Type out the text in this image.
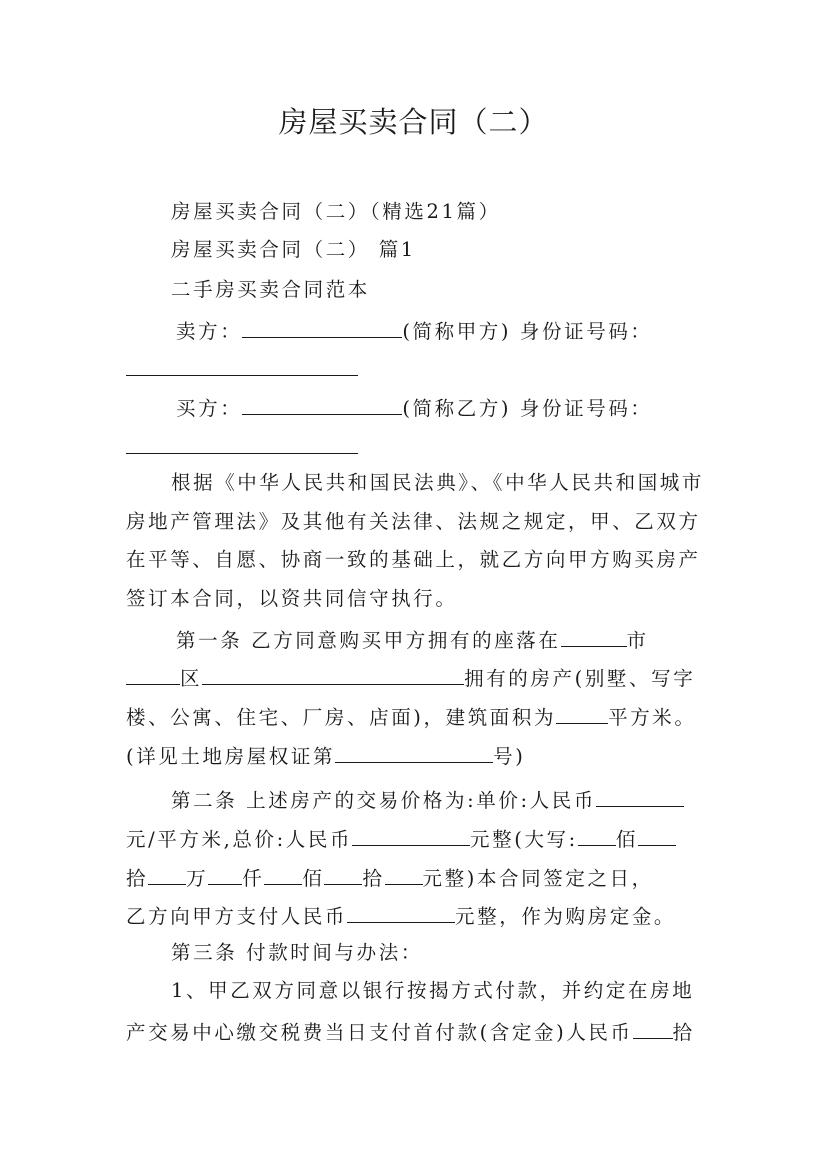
房屋买卖合同（二）
房屋买卖合同（二）（精选21篇）
房屋买卖合同（二） 篇1
二手房买卖合同范本
卖方：	(简称甲方) 身份证号码：
买方：	(简称乙方) 身份证号码：
根据《中华人民共和国民法典》、《中华人民共和国城市
房地产管理法》及其他有关法律、法规之规定，甲、乙双方
在平等、自愿、协商一致的基础上，就乙方向甲方购买房产
签订本合同，以资共同信守执行。
第一条 乙方同意购买甲方拥有的座落在	市
区	拥有的房产(别墅、写字
楼、公寓、住宅、厂房、店面)，建筑面积为	平方米。
(详见土地房屋权证第	号)
第二条 上述房产的交易价格为:单价:人民币
元/平方米,总价:人民币	元整(大写: 佰
拾 万 仟 佰 拾 元整)本合同签定之日，
乙方向甲方支付人民币	元整，作为购房定金。
第三条 付款时间与办法：
1、甲乙双方同意以银行按揭方式付款，并约定在房地
产交易中心缴交税费当日支付首付款(含定金)人民币 拾
